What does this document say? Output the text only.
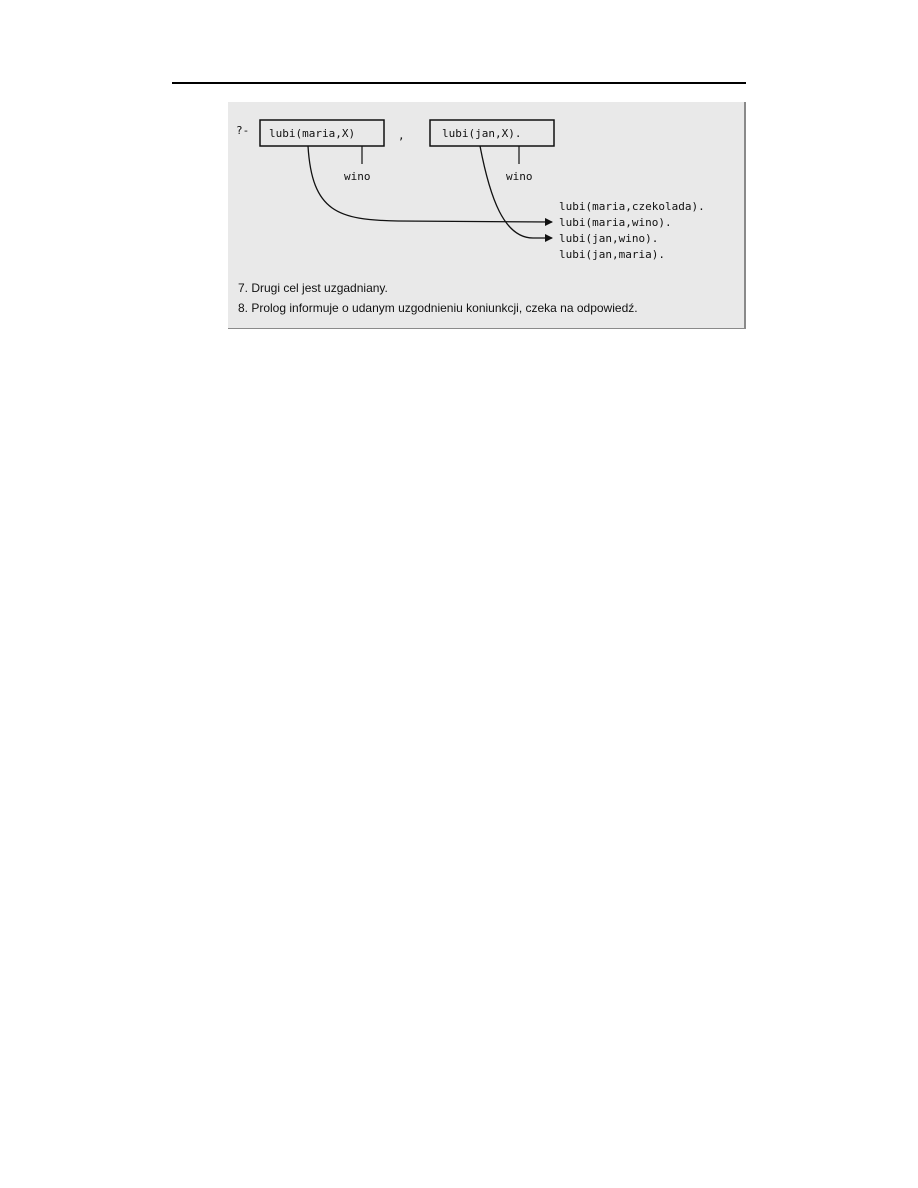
?- lubi(maria,X)
wino
,	lubi(jan,X).
wino
lubi(maria,czekolada).
lubi(maria,wino).
lubi(jan,wino).
lubi(jan,maria).
7. Drugi cel jest uzgadniany.
8. Prolog informuje o udanym uzgodnieniu koniunkcji, czeka na odpowiedź.
